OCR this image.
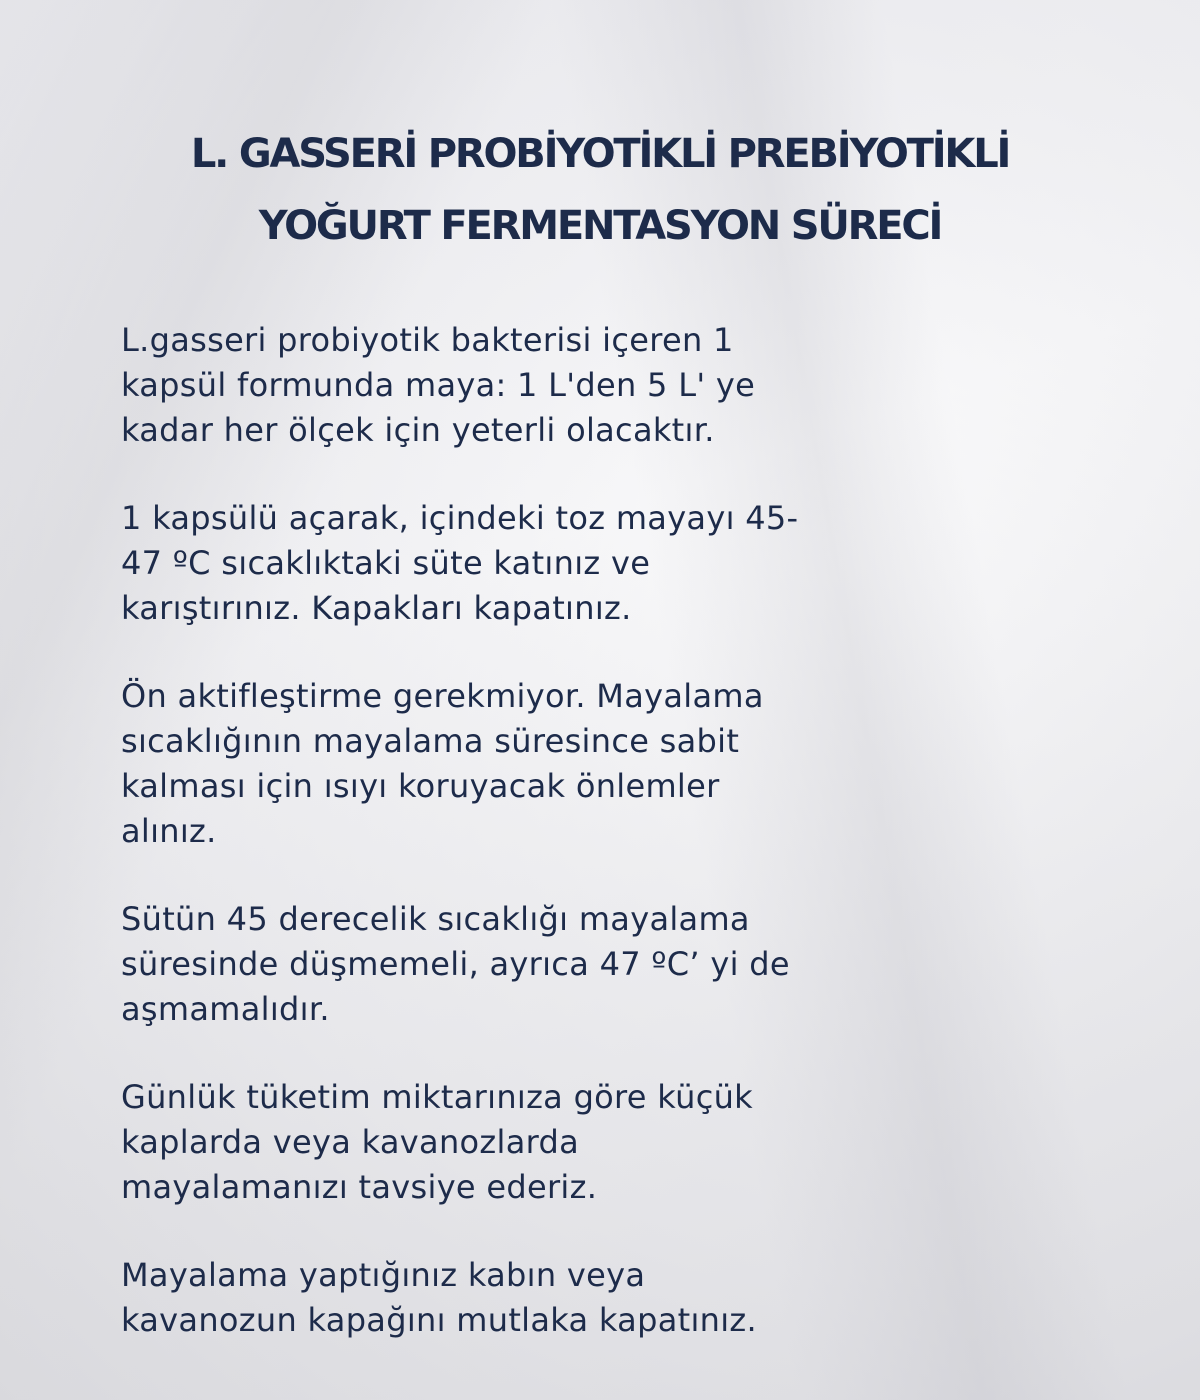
L. GASSERİ PROBİYOTİKLİ PREBİYOTİKLİ
YOĞURT FERMENTASYON SÜRECİ

L.gasseri probiyotik bakterisi içeren 1
kapsül formunda maya: 1 L'den 5 L' ye
kadar her ölçek için yeterli olacaktır.

1 kapsülü açarak, içindeki toz mayayı 45-
47 ºC sıcaklıktaki süte katınız ve
karıştırınız. Kapakları kapatınız.

Ön aktifleştirme gerekmiyor. Mayalama
sıcaklığının mayalama süresince sabit
kalması için ısıyı koruyacak önlemler
alınız.

Sütün 45 derecelik sıcaklığı mayalama
süresinde düşmemeli, ayrıca 47 ºC’ yi de
aşmamalıdır.

Günlük tüketim miktarınıza göre küçük
kaplarda veya kavanozlarda
mayalamanızı tavsiye ederiz.

Mayalama yaptığınız kabın veya
kavanozun kapağını mutlaka kapatınız.
